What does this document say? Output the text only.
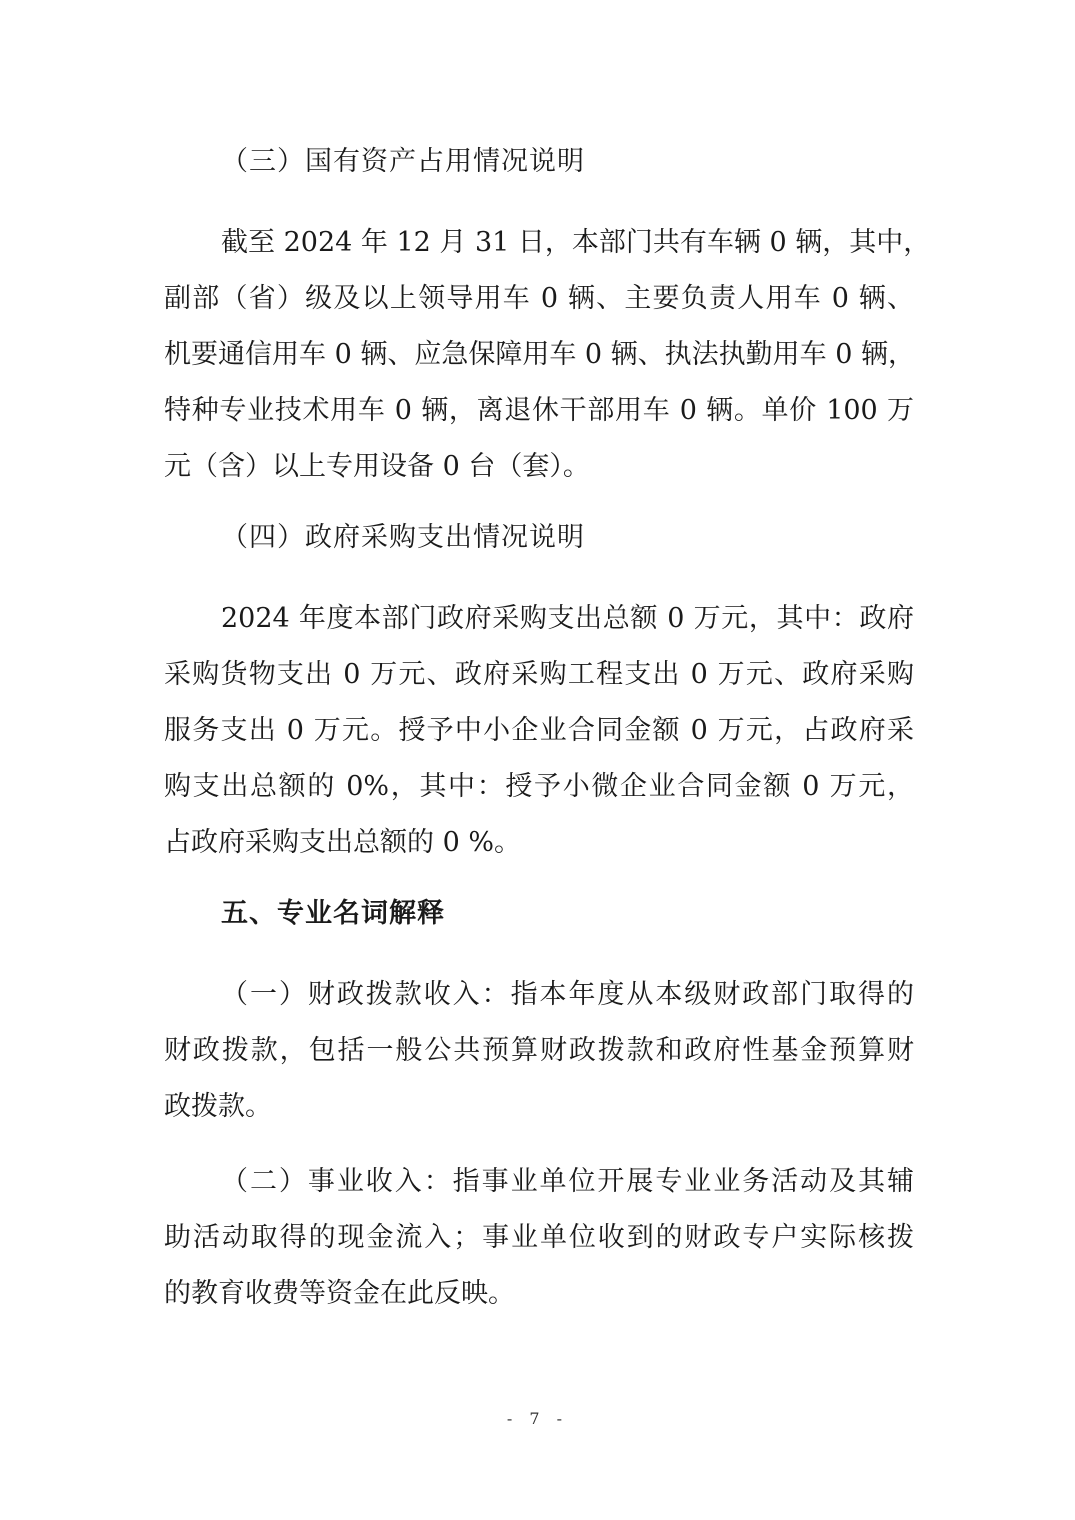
（三）国有资产占用情况说明
截至 2024 年 12 月 31 日，本部门共有车辆 0 辆，其中，
副部（省）级及以上领导用车 0 辆、主要负责人用车 0 辆、
机要通信用车 0 辆、应急保障用车 0 辆、执法执勤用车 0 辆，
特种专业技术用车 0 辆，离退休干部用车 0 辆。单价 100 万
元（含）以上专用设备 0 台（套）。
（四）政府采购支出情况说明
2024 年度本部门政府采购支出总额 0 万元，其中：政府
采购货物支出 0 万元、政府采购工程支出 0 万元、政府采购
服务支出 0 万元。授予中小企业合同金额 0 万元，占政府采
购支出总额的 0%，其中：授予小微企业合同金额 0 万元，
占政府采购支出总额的 0 %。
五、专业名词解释
（一）财政拨款收入：指本年度从本级财政部门取得的
财政拨款，包括一般公共预算财政拨款和政府性基金预算财
政拨款。
（二）事业收入：指事业单位开展专业业务活动及其辅
助活动取得的现金流入；事业单位收到的财政专户实际核拨
的教育收费等资金在此反映。
- 7 -
